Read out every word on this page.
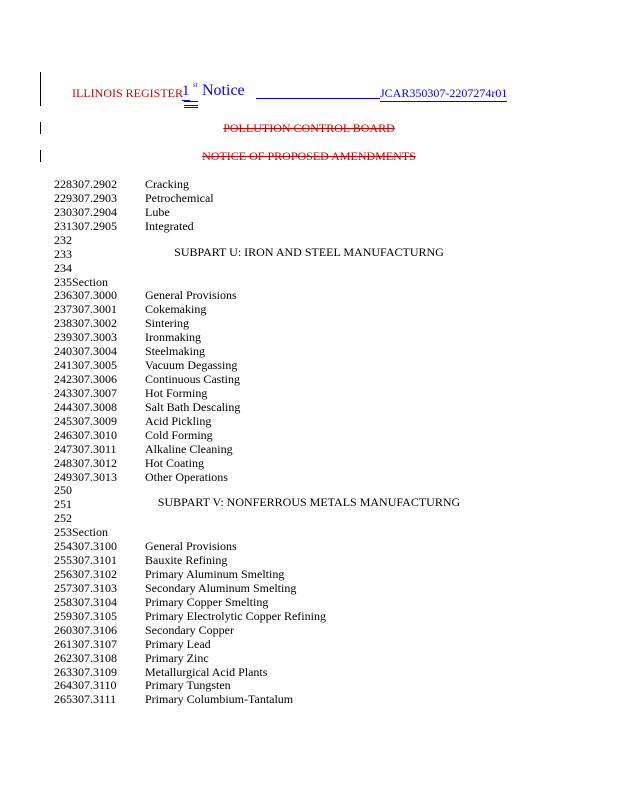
ILLINOIS REGISTER 1 st Notice	JCAR350307-2207274r01
POLLUTION CONTROL BOARD
NOTICE OF PROPOSED AMENDMENTS
228307.2902 Cracking
229307.2903 Petrochemical
230307.2904 Lube
231307.2905 Integrated
232
233	SUBPART U: IRON AND STEEL MANUFACTURNG
234
235Section
236307.3000 General Provisions
237307.3001 Cokemaking
238307.3002 Sintering
239307.3003 Ironmaking
240307.3004 Steelmaking
241307.3005 Vacuum Degassing
242307.3006 Continuous Casting
243307.3007 Hot Forming
244307.3008 Salt Bath Descaling
245307.3009 Acid Pickling
246307.3010 Cold Forming
247307.3011 Alkaline Cleaning
248307.3012 Hot Coating
249307.3013 Other Operations
250
251	SUBPART V: NONFERROUS METALS MANUFACTURNG
252
253Section
254307.3100 General Provisions
255307.3101 Bauxite Refining
256307.3102 Primary Aluminum Smelting
257307.3103 Secondary Aluminum Smelting
258307.3104 Primary Copper Smelting
259307.3105 Primary Electrolytic Copper Refining
260307.3106 Secondary Copper
261307.3107 Primary Lead
262307.3108 Primary Zinc
263307.3109 Metallurgical Acid Plants
264307.3110 Primary Tungsten
265307.3111 Primary Columbium-Tantalum
